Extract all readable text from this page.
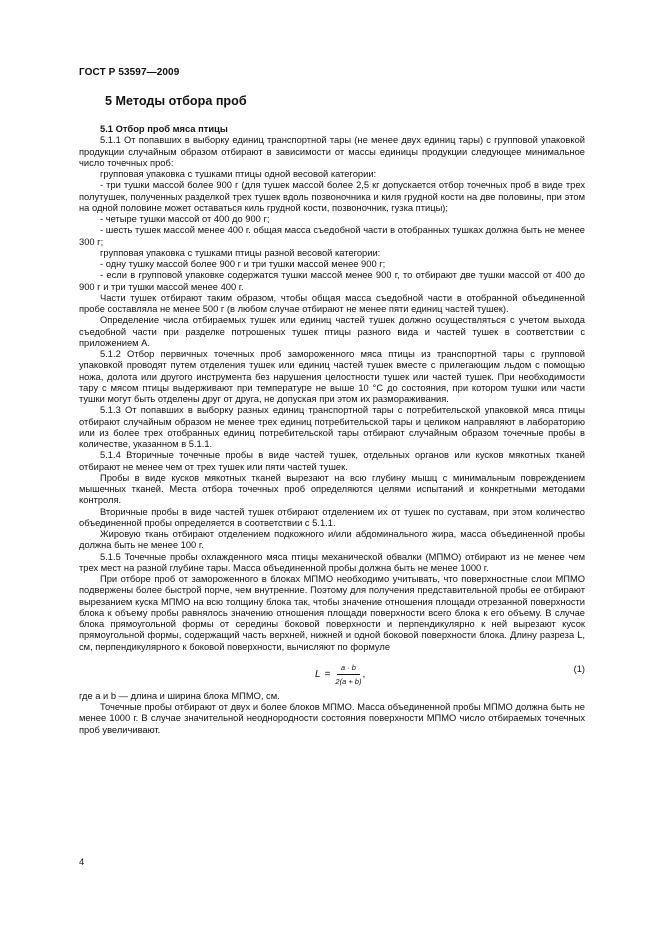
ГОСТ Р 53597—2009
5 Методы отбора проб

5.1 Отбор проб мяса птицы

5.1.1 От попавших в выборку единиц транспортной тары (не менее двух единиц тары) с групповой упаковкой продукции случайным образом отбирают в зависимости от массы единицы продукции следующее минимальное число точечных проб:

групповая упаковка с тушками птицы одной весовой категории:

- три тушки массой более 900 г (для тушек массой более 2,5 кг допускается отбор точечных проб в виде трех полутушек, полученных разделкой трех тушек вдоль позвоночника и киля грудной кости на две половины, при этом на одной половине может оставаться киль грудной кости, позвоночник, гузка птицы);

- четыре тушки массой от 400 до 900 г;

- шесть тушек массой менее 400 г. общая масса съедобной части в отобранных тушках должна быть не менее 300 г;

групповая упаковка с тушками птицы разной весовой категории:

- одну тушку массой более 900 г и три тушки массой менее 900 г;

- если в групповой упаковке содержатся тушки массой менее 900 г, то отбирают две тушки массой от 400 до 900 г и три тушки массой менее 400 г.

Части тушек отбирают таким образом, чтобы общая масса съедобной части в отобранной объединенной пробе составляла не менее 500 г (в любом случае отбирают не менее пяти единиц частей тушек).

Определение числа отбираемых тушек или единиц частей тушек должно осуществляться с учетом выхода съедобной части при разделке потрошеных тушек птицы разного вида и частей тушек в соответствии с приложением А.

5.1.2 Отбор первичных точечных проб замороженного мяса птицы из транспортной тары с групповой упаковкой проводят путем отделения тушек или единиц частей тушек вместе с прилегающим льдом с помощью ножа, долота или другого инструмента без нарушения целостности тушек или частей тушек. При необходимости тару с мясом птицы выдерживают при температуре не выше 10 °С до состояния, при котором тушки или части тушки могут быть отделены друг от друга, не допуская при этом их размораживания.

5.1.3 От попавших в выборку разных единиц транспортной тары с потребительской упаковкой мяса птицы отбирают случайным образом не менее трех единиц потребительской тары и целиком направляют в лабораторию или из более трех отобранных единиц потребительской тары отбирают случайным образом точечные пробы в количестве, указанном в 5.1.1.

5.1.4 Вторичные точечные пробы в виде частей тушек, отдельных органов или кусков мякотных тканей отбирают не менее чем от трех тушек или пяти частей тушек.

Пробы в виде кусков мякотных тканей вырезают на всю глубину мышц с минимальным повреждением мышечных тканей. Места отбора точечных проб определяются целями испытаний и конкретными методами контроля.

Вторичные пробы в виде частей тушек отбирают отделением их от тушек по суставам, при этом количество объединенной пробы определяется в соответствии с 5.1.1.

Жировую ткань отбирают отделением подкожного и/или абдоминального жира, масса объединенной пробы должна быть не менее 100 г.

5.1.5 Точечные пробы охлажденного мяса птицы механической обвалки (МПМО) отбирают из не менее чем трех мест на разной глубине тары. Масса объединенной пробы должна быть не менее 1000 г.

При отборе проб от замороженного в блоках МПМО необходимо учитывать, что поверхностные слои МПМО подвержены более быстрой порче, чем внутренние. Поэтому для получения представительной пробы ее отбирают вырезанием куска МПМО на всю толщину блока так, чтобы значение отношения площади отрезанной поверхности блока к объему пробы равнялось значению отношения площади поверхности всего блока к его объему. В случае блока прямоугольной формы от середины боковой поверхности и перпендикулярно к ней вырезают кусок прямоугольной формы, содержащий часть верхней, нижней и одной боковой поверхности блока. Длину разреза L, см, перпендикулярного к боковой поверхности, вычисляют по формуле

$L = \frac{a \cdot b}{2(a + b)}$ ,
(1)

где a и b — длина и ширина блока МПМО, см.

Точечные пробы отбирают от двух и более блоков МПМО. Масса объединенной пробы МПМО должна быть не менее 1000 г. В случае значительной неоднородности состояния поверхности МПМО число отбираемых точечных проб увеличивают.

4
